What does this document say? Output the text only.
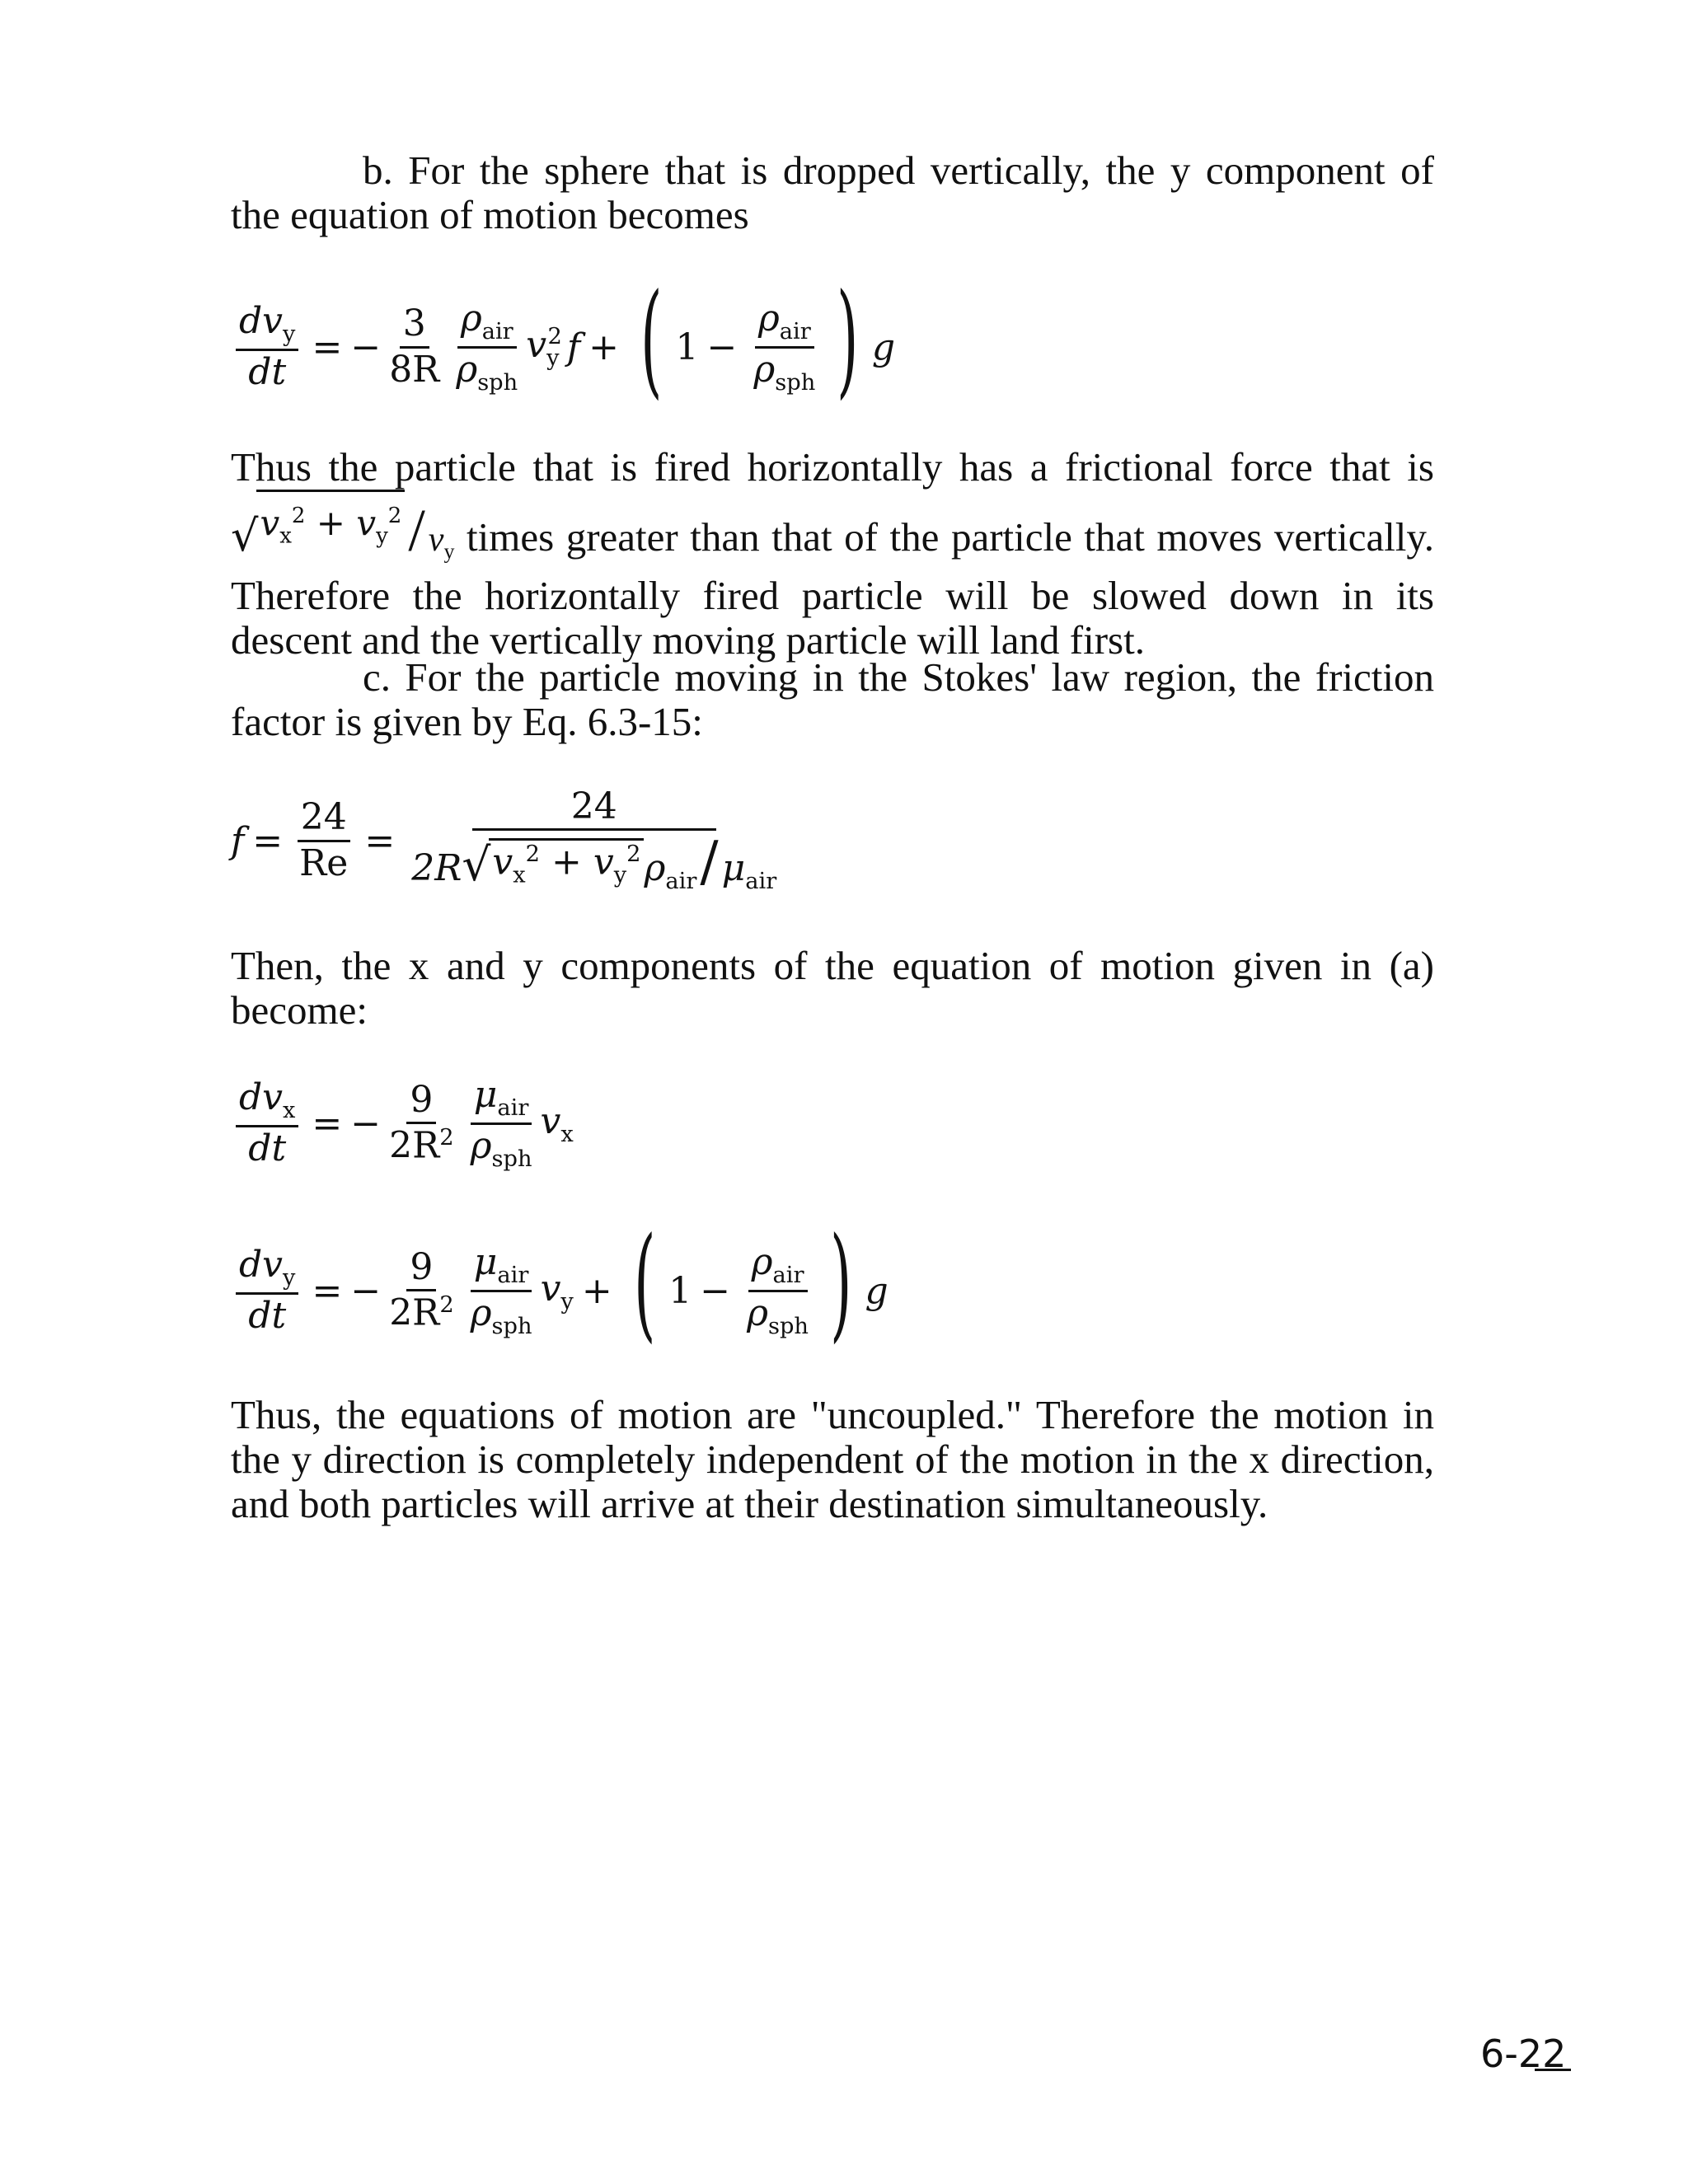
b. For the sphere that is dropped vertically, the y component of the equation of motion becomes
$\frac{dv_y}{dt}$ = − $\frac{3}{8R} \frac{\rho_{air}}{\rho_{sph}} v_y^2$ f + ( $1 - \frac{\rho_{air}}{\rho_{sph}}$ ) g
Thus the particle that is fired horizontally has a frictional force that is
√ $v_x^2 + v_y^2$ $/v_y$ times greater than that of the particle that moves vertically. Therefore the horizontally fired particle will be slowed down in its descent and the vertically moving particle will land first.
c. For the particle moving in the Stokes' law region, the friction factor is given by Eq. 6.3-15:
$f = \frac{24}{Re} = \frac{24}{2R √ v_x^2 + v_y^2 \rho_{air}/\mu_{air}}$
Then, the x and y components of the equation of motion given in (a) become:
$\frac{dv_x}{dt}$ = − $\frac{9}{2R^2} \frac{\mu_{air}}{\rho_{sph}} v_x$
$\frac{dv_y}{dt}$ = − $\frac{9}{2R^2} \frac{\mu_{air}}{\rho_{sph}} v_y$ + ( $1 - \frac{\rho_{air}}{\rho_{sph}}$ ) g
Thus, the equations of motion are "uncoupled." Therefore the motion in the y direction is completely independent of the motion in the x direction, and both particles will arrive at their destination simultaneously.
6-22
